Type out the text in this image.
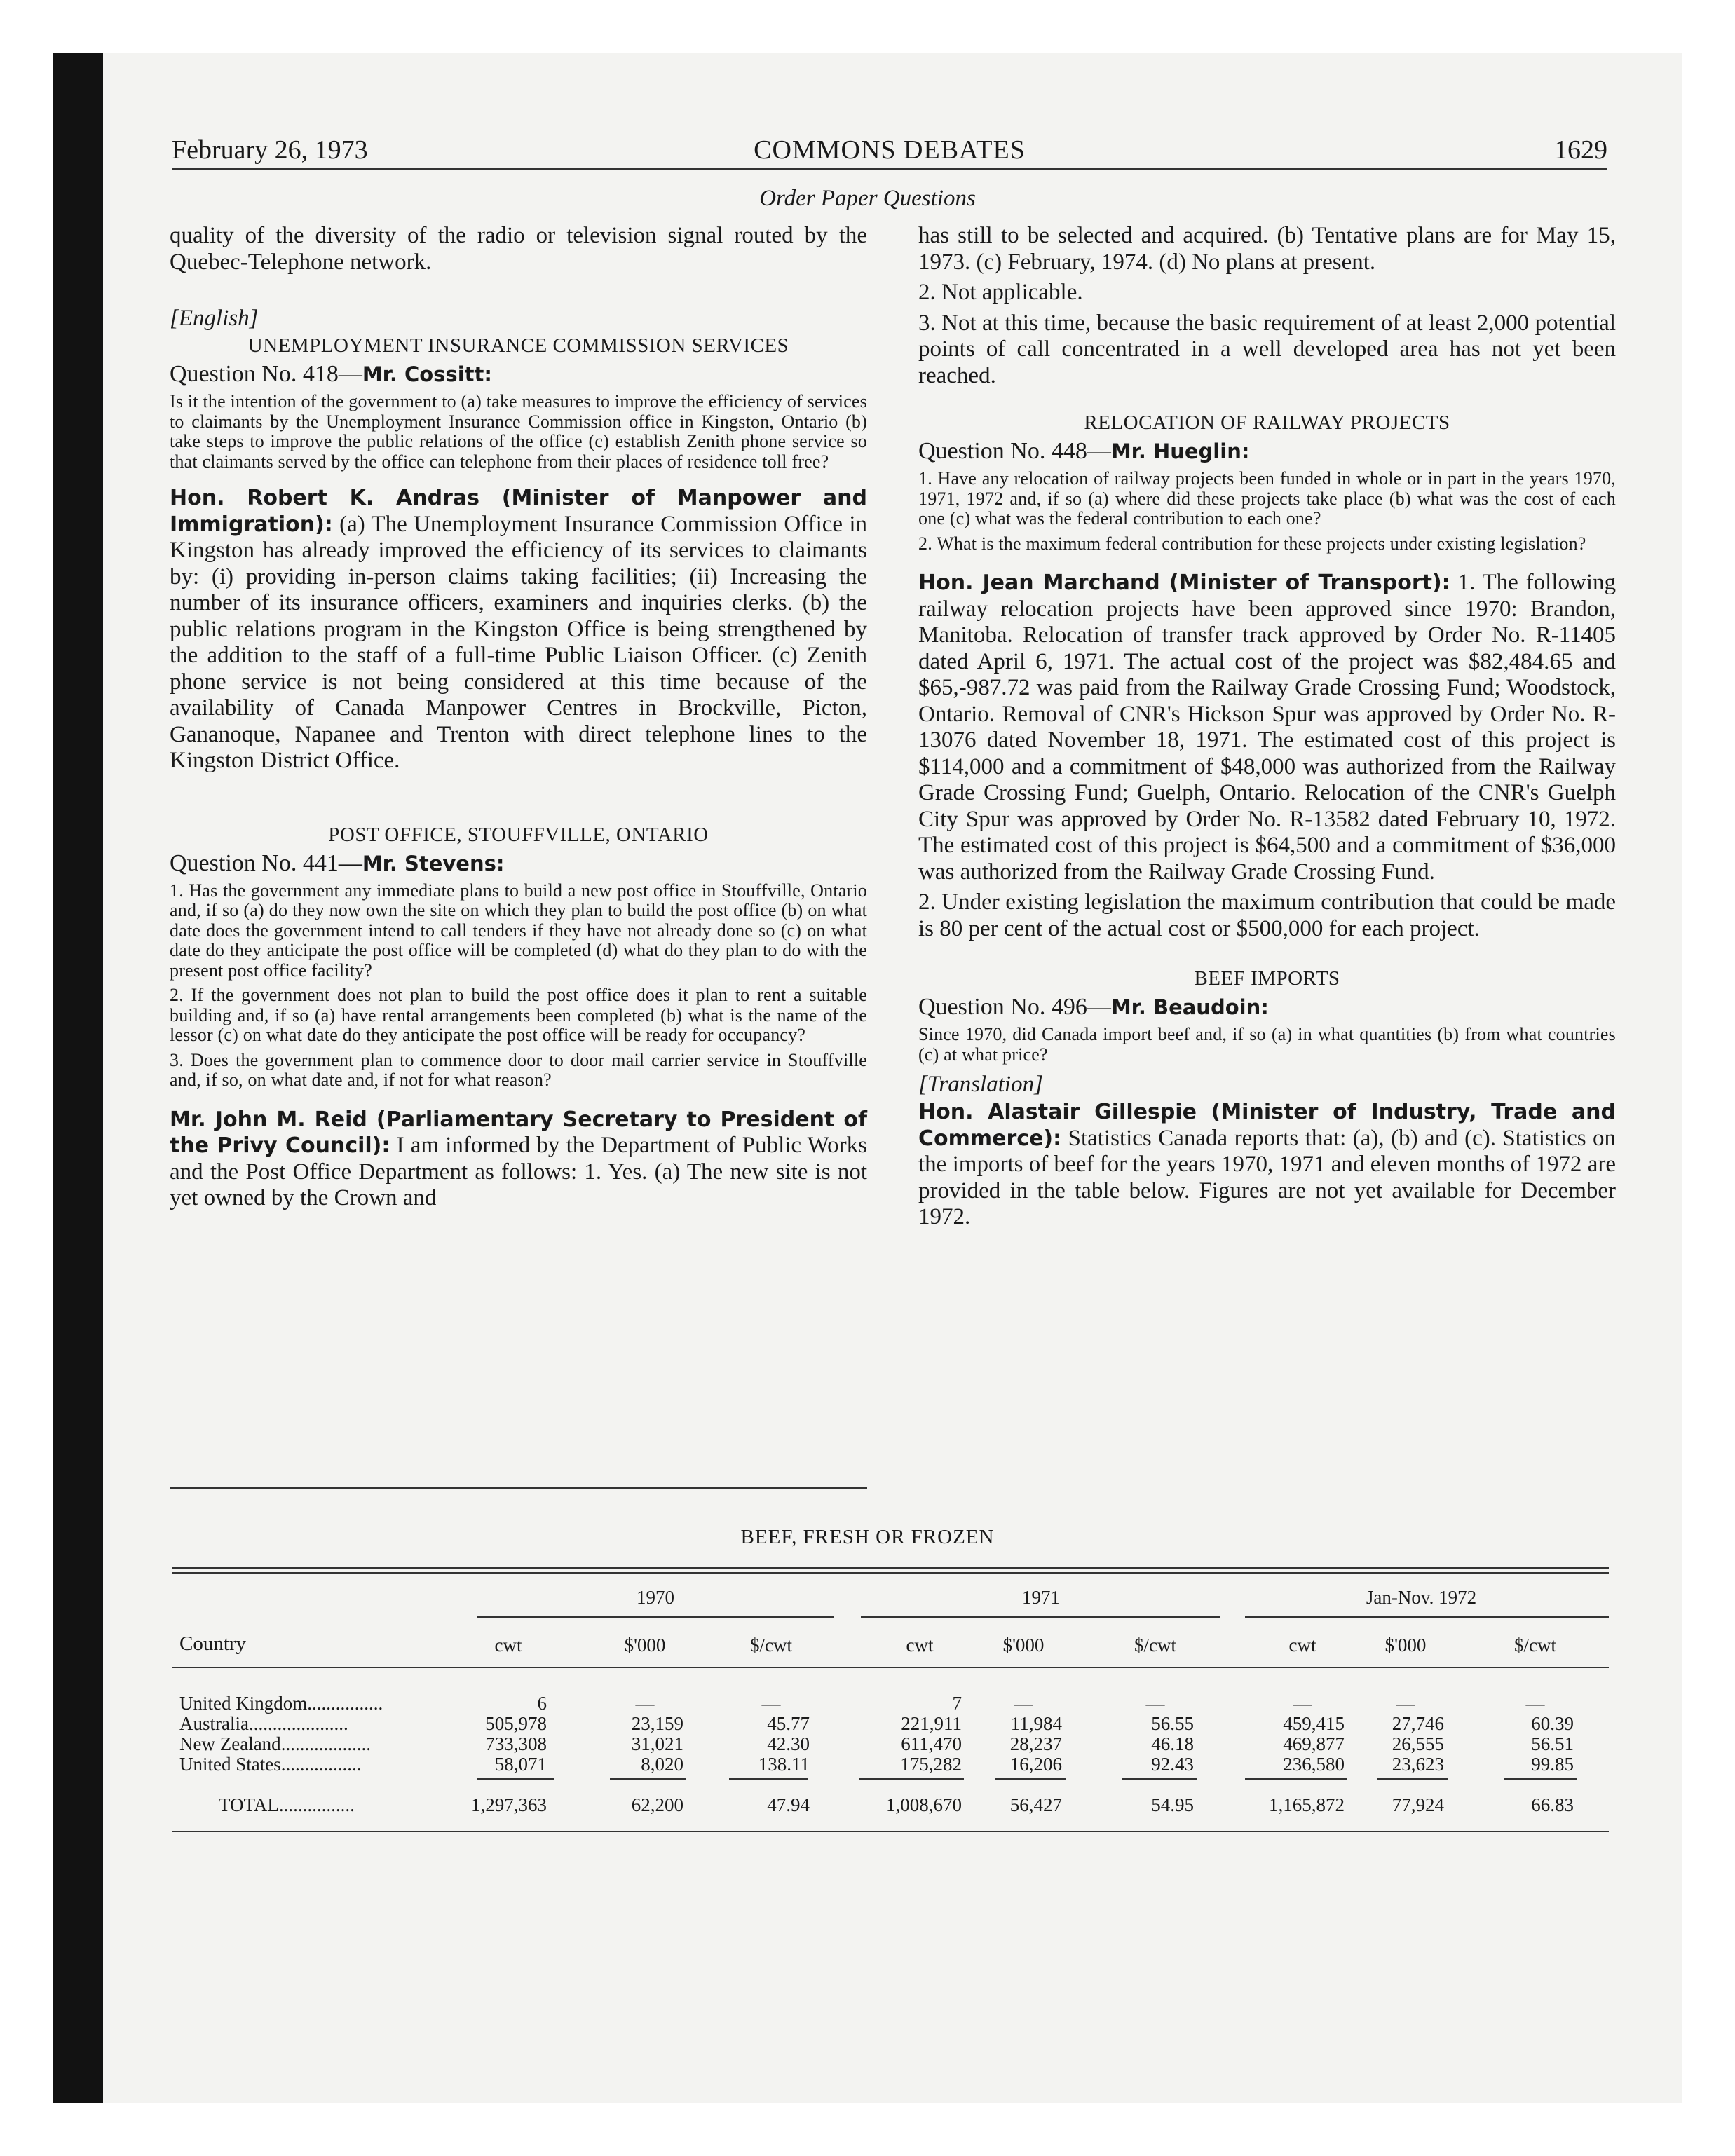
February 26, 1973	COMMONS DEBATES	1629
Order Paper Questions

quality of the diversity of the radio or television signal routed by the Quebec-Telephone network.

[English]

UNEMPLOYMENT INSURANCE COMMISSION SERVICES

Question No. 418—Mr. Cossitt:

Is it the intention of the government to (a) take measures to improve the efficiency of services to claimants by the Unemployment Insurance Commission office in Kingston, Ontario (b) take steps to improve the public relations of the office (c) establish Zenith phone service so that claimants served by the office can telephone from their places of residence toll free?

Hon. Robert K. Andras (Minister of Manpower and Immigration): (a) The Unemployment Insurance Commission Office in Kingston has already improved the efficiency of its services to claimants by: (i) providing in-person claims taking facilities; (ii) Increasing the number of its insurance officers, examiners and inquiries clerks. (b) the public relations program in the Kingston Office is being strengthened by the addition to the staff of a full-time Public Liaison Officer. (c) Zenith phone service is not being considered at this time because of the availability of Canada Manpower Centres in Brockville, Picton, Gananoque, Napanee and Trenton with direct telephone lines to the Kingston District Office.

POST OFFICE, STOUFFVILLE, ONTARIO

Question No. 441—Mr. Stevens:

1. Has the government any immediate plans to build a new post office in Stouffville, Ontario and, if so (a) do they now own the site on which they plan to build the post office (b) on what date does the government intend to call tenders if they have not already done so (c) on what date do they anticipate the post office will be completed (d) what do they plan to do with the present post office facility?

2. If the government does not plan to build the post office does it plan to rent a suitable building and, if so (a) have rental arrangements been completed (b) what is the name of the lessor (c) on what date do they anticipate the post office will be ready for occupancy?

3. Does the government plan to commence door to door mail carrier service in Stouffville and, if so, on what date and, if not for what reason?

Mr. John M. Reid (Parliamentary Secretary to President of the Privy Council): I am informed by the Department of Public Works and the Post Office Department as follows: 1. Yes. (a) The new site is not yet owned by the Crown and

has still to be selected and acquired. (b) Tentative plans are for May 15, 1973. (c) February, 1974. (d) No plans at present.

2. Not applicable.

3. Not at this time, because the basic requirement of at least 2,000 potential points of call concentrated in a well developed area has not yet been reached.

RELOCATION OF RAILWAY PROJECTS

Question No. 448—Mr. Hueglin:

1. Have any relocation of railway projects been funded in whole or in part in the years 1970, 1971, 1972 and, if so (a) where did these projects take place (b) what was the cost of each one (c) what was the federal contribution to each one?

2. What is the maximum federal contribution for these projects under existing legislation?

Hon. Jean Marchand (Minister of Transport): 1. The following railway relocation projects have been approved since 1970: Brandon, Manitoba. Relocation of transfer track approved by Order No. R-11405 dated April 6, 1971. The actual cost of the project was $82,484.65 and $65,-987.72 was paid from the Railway Grade Crossing Fund; Woodstock, Ontario. Removal of CNR's Hickson Spur was approved by Order No. R-13076 dated November 18, 1971. The estimated cost of this project is $114,000 and a commitment of $48,000 was authorized from the Railway Grade Crossing Fund; Guelph, Ontario. Relocation of the CNR's Guelph City Spur was approved by Order No. R-13582 dated February 10, 1972. The estimated cost of this project is $64,500 and a commitment of $36,000 was authorized from the Railway Grade Crossing Fund.

2. Under existing legislation the maximum contribution that could be made is 80 per cent of the actual cost or $500,000 for each project.

BEEF IMPORTS

Question No. 496—Mr. Beaudoin:

Since 1970, did Canada import beef and, if so (a) in what quantities (b) from what countries (c) at what price?

[Translation]

Hon. Alastair Gillespie (Minister of Industry, Trade and Commerce): Statistics Canada reports that: (a), (b) and (c). Statistics on the imports of beef for the years 1970, 1971 and eleven months of 1972 are provided in the table below. Figures are not yet available for December 1972.

BEEF, FRESH OR FROZEN
1970	1971	Jan-Nov. 1972
Country	cwt	$'000	$/cwt	cwt	$'000	$/cwt	cwt	$'000	$/cwt
United Kingdom................	6	—	—	7	—	—	—	—	—
Australia.....................	505,978	23,159	45.77	221,911	11,984	56.55	459,415	27,746	60.39
New Zealand...................	733,308	31,021	42.30	611,470	28,237	46.18	469,877	26,555	56.51
United States.................	58,071	8,020	138.11	175,282	16,206	92.43	236,580	23,623	99.85
TOTAL................	1,297,363	62,200	47.94	1,008,670	56,427	54.95	1,165,872	77,924	66.83
